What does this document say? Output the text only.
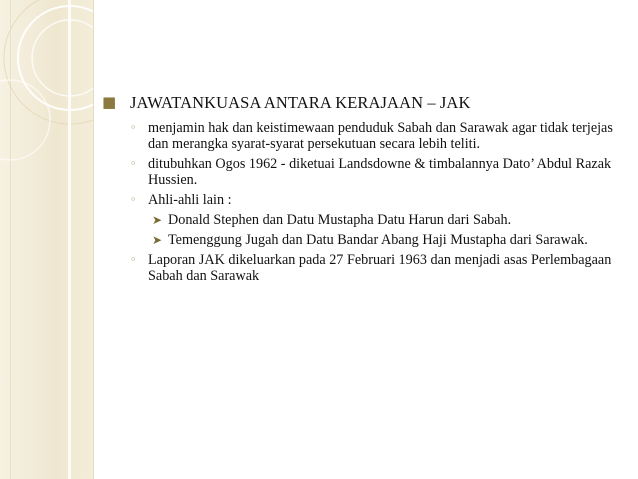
■ JAWATANKUASA ANTARA KERAJAAN – JAK
◦ menjamin hak dan keistimewaan penduduk Sabah dan Sarawak agar tidak terjejas dan merangka syarat-syarat persekutuan secara lebih teliti.
◦ ditubuhkan Ogos 1962 - diketuai Landsdowne & timbalannya Dato’ Abdul Razak Hussien.
◦ Ahli-ahli lain :
➤ Donald Stephen dan Datu Mustapha Datu Harun dari Sabah.
➤ Temenggung Jugah dan Datu Bandar Abang Haji Mustapha dari Sarawak.
◦ Laporan JAK dikeluarkan pada 27 Februari 1963 dan menjadi asas Perlembagaan Sabah dan Sarawak
